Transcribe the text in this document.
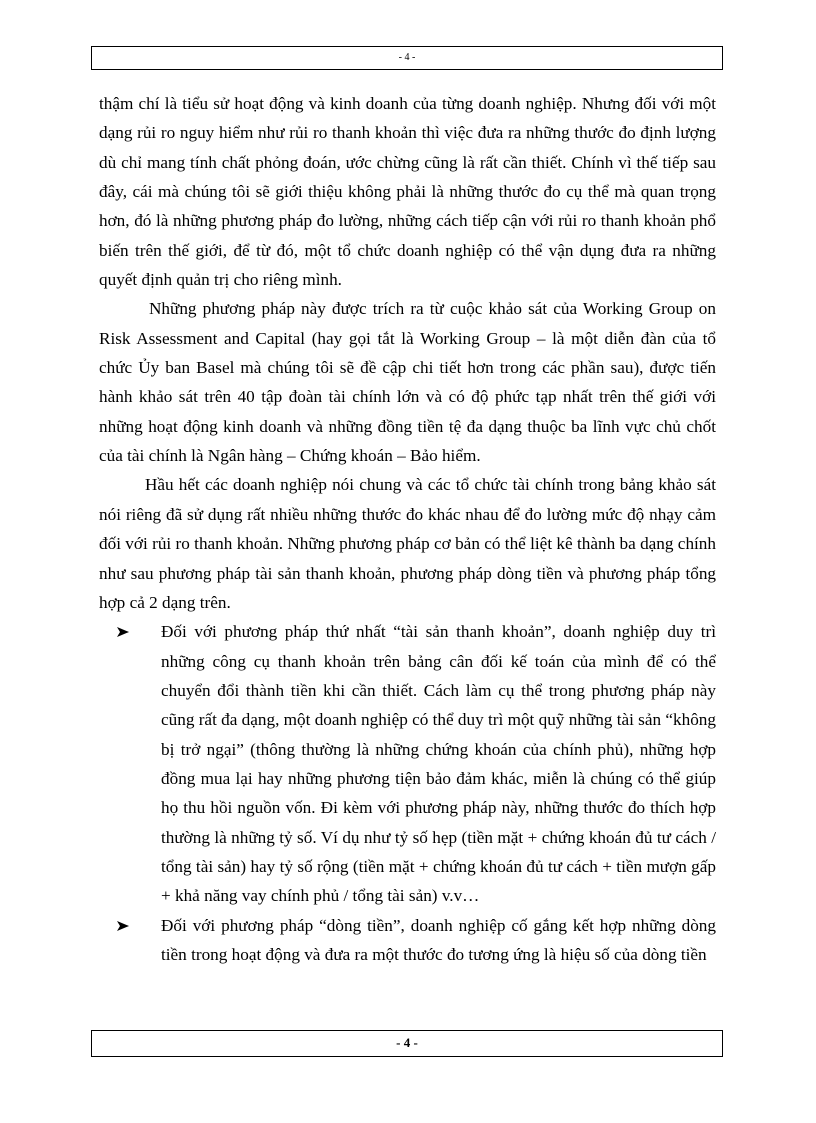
- 4 -

thậm chí là tiểu sử hoạt động và kinh doanh của từng doanh nghiệp. Nhưng đối với một dạng rủi ro nguy hiểm như rủi ro thanh khoản thì việc đưa ra những thước đo định lượng dù chỉ mang tính chất phỏng đoán, ước chừng cũng là rất cần thiết. Chính vì thế tiếp sau đây, cái mà chúng tôi sẽ giới thiệu không phải là những thước đo cụ thể mà quan trọng hơn, đó là những phương pháp đo lường, những cách tiếp cận với rủi ro thanh khoản phổ biến trên thế giới, để từ đó, một tổ chức doanh nghiệp có thể vận dụng đưa ra những quyết định quản trị cho riêng mình.

Những phương pháp này được trích ra từ cuộc khảo sát của Working Group on Risk Assessment and Capital (hay gọi tắt là Working Group – là một diễn đàn của tổ chức Ủy ban Basel mà chúng tôi sẽ đề cập chi tiết hơn trong các phần sau), được tiến hành khảo sát trên 40 tập đoàn tài chính lớn và có độ phức tạp nhất trên thế giới với những hoạt động kinh doanh và những đồng tiền tệ đa dạng thuộc ba lĩnh vực chủ chốt của tài chính là Ngân hàng – Chứng khoán – Bảo hiểm.

Hầu hết các doanh nghiệp nói chung và các tổ chức tài chính trong bảng khảo sát nói riêng đã sử dụng rất nhiều những thước đo khác nhau để đo lường mức độ nhạy cảm đối với rủi ro thanh khoản. Những phương pháp cơ bản có thể liệt kê thành ba dạng chính như sau phương pháp tài sản thanh khoản, phương pháp dòng tiền và phương pháp tổng hợp cả 2 dạng trên.

Đối với phương pháp thứ nhất “tài sản thanh khoản”, doanh nghiệp duy trì những công cụ thanh khoản trên bảng cân đối kế toán của mình để có thể chuyển đổi thành tiền khi cần thiết. Cách làm cụ thể trong phương pháp này cũng rất đa dạng, một doanh nghiệp có thể duy trì một quỹ những tài sản “không bị trở ngại” (thông thường là những chứng khoán của chính phủ), những hợp đồng mua lại hay những phương tiện bảo đảm khác, miễn là chúng có thể giúp họ thu hồi nguồn vốn. Đi kèm với phương pháp này, những thước đo thích hợp thường là những tỷ số. Ví dụ như tỷ số hẹp (tiền mặt + chứng khoán đủ tư cách / tổng tài sản) hay tỷ số rộng (tiền mặt + chứng khoán đủ tư cách + tiền mượn gấp + khả năng vay chính phủ / tổng tài sản) v.v…
Đối với phương pháp “dòng tiền”, doanh nghiệp cố gắng kết hợp những dòng tiền trong hoạt động và đưa ra một thước đo tương ứng là hiệu số của dòng tiền
- 4 -
